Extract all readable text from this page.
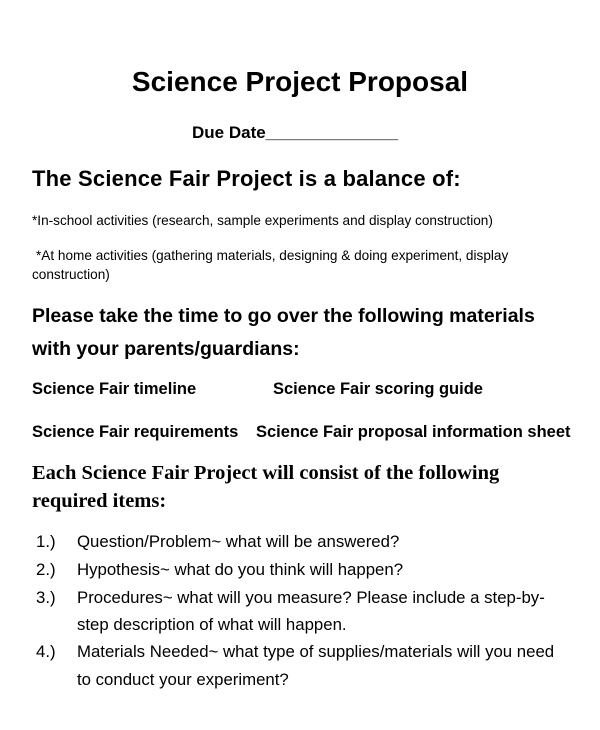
Science Project Proposal
Due Date______________
The Science Fair Project is a balance of:
*In-school activities (research, sample experiments and display construction)
*At home activities (gathering materials, designing & doing experiment, display
construction)
Please take the time to go over the following materials
with your parents/guardians:
Science Fair timeline	Science Fair scoring guide
Science Fair requirements Science Fair proposal information sheet
Each Science Fair Project will consist of the following
required items:
1.) Question/Problem~ what will be answered?
2.) Hypothesis~ what do you think will happen?
3.) Procedures~ what will you measure? Please include a step-by-
step description of what will happen.
4.) Materials Needed~ what type of supplies/materials will you need
to conduct your experiment?
